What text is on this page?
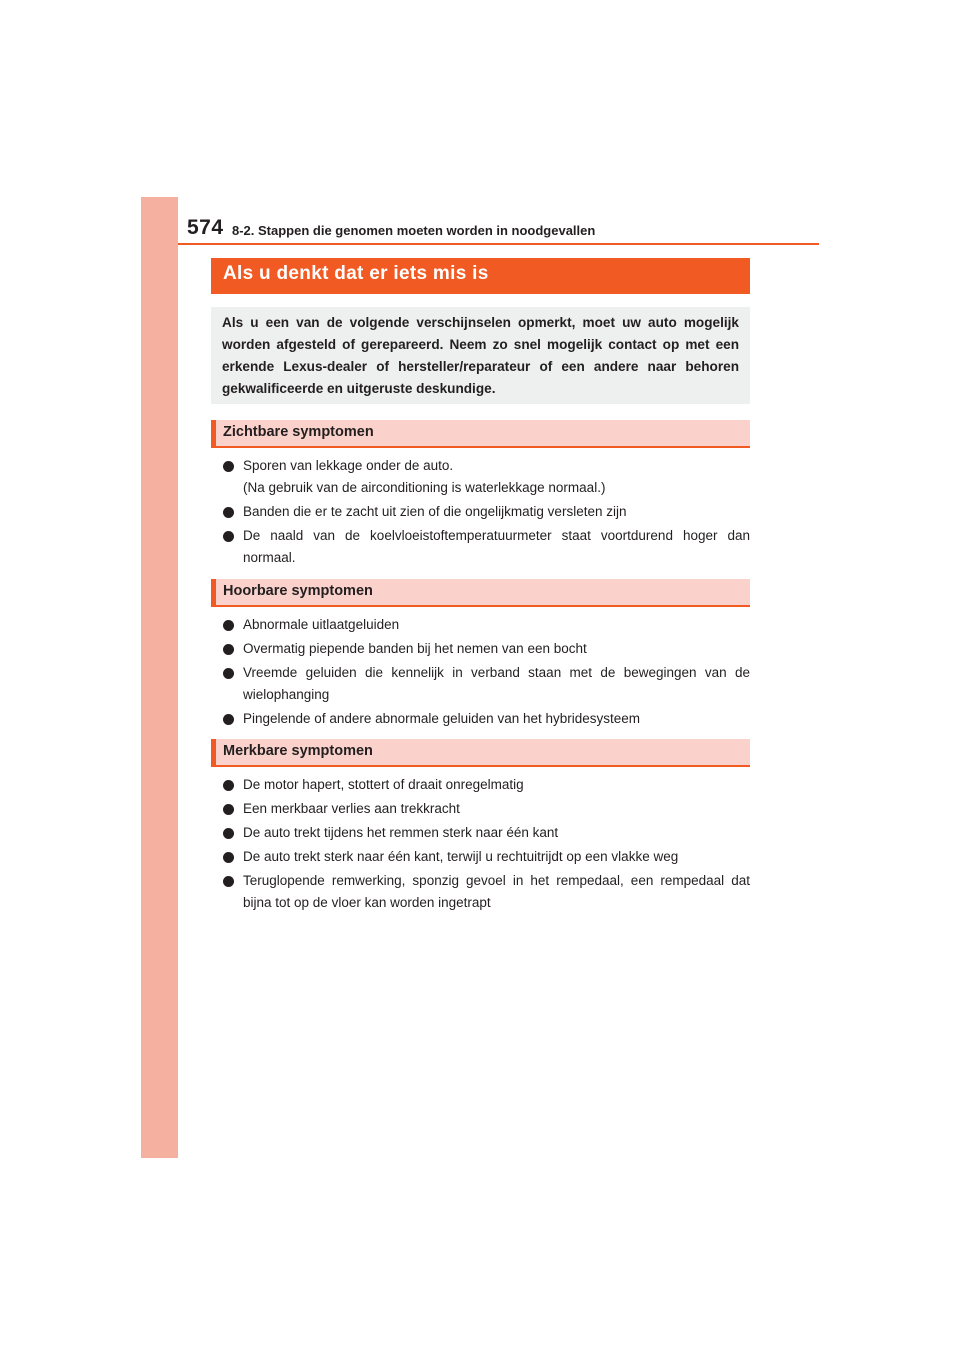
574 8-2. Stappen die genomen moeten worden in noodgevallen
Als u denkt dat er iets mis is
Als u een van de volgende verschijnselen opmerkt, moet uw auto mogelijk worden afgesteld of gerepareerd. Neem zo snel mogelijk contact op met een erkende Lexus-dealer of hersteller/reparateur of een andere naar behoren gekwalificeerde en uitgeruste deskundige.
Zichtbare symptomen
Sporen van lekkage onder de auto.
(Na gebruik van de airconditioning is waterlekkage normaal.)
Banden die er te zacht uit zien of die ongelijkmatig versleten zijn
De naald van de koelvloeistoftemperatuurmeter staat voortdurend hoger dan normaal.
Hoorbare symptomen
Abnormale uitlaatgeluiden
Overmatig piepende banden bij het nemen van een bocht
Vreemde geluiden die kennelijk in verband staan met de bewegingen van de wielophanging
Pingelende of andere abnormale geluiden van het hybridesysteem
Merkbare symptomen
De motor hapert, stottert of draait onregelmatig
Een merkbaar verlies aan trekkracht
De auto trekt tijdens het remmen sterk naar één kant
De auto trekt sterk naar één kant, terwijl u rechtuitrijdt op een vlakke weg
Teruglopende remwerking, sponzig gevoel in het rempedaal, een rempedaal dat bijna tot op de vloer kan worden ingetrapt
